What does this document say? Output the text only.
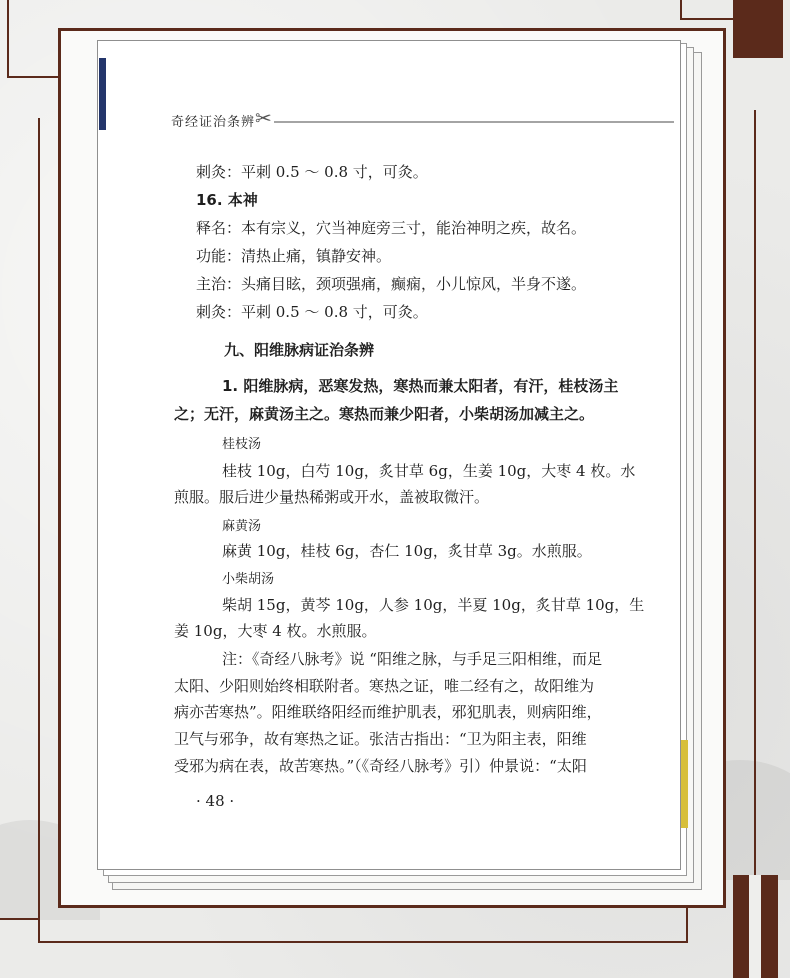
奇经证治条辨 ✂
刺灸：平刺 0.5 ～ 0.8 寸，可灸。
16. 本神
释名：本有宗义，穴当神庭旁三寸，能治神明之疾，故名。
功能：清热止痛，镇静安神。
主治：头痛目眩，颈项强痛，癫痫，小儿惊风，半身不遂。
刺灸：平刺 0.5 ～ 0.8 寸，可灸。
九、阳维脉病证治条辨
1. 阳维脉病，恶寒发热，寒热而兼太阳者，有汗，桂枝汤主
之；无汗，麻黄汤主之。寒热而兼少阳者，小柴胡汤加减主之。
桂枝汤
桂枝 10g，白芍 10g，炙甘草 6g，生姜 10g，大枣 4 枚。水
煎服。服后进少量热稀粥或开水，盖被取微汗。
麻黄汤
麻黄 10g，桂枝 6g，杏仁 10g，炙甘草 3g。水煎服。
小柴胡汤
柴胡 15g，黄芩 10g，人参 10g，半夏 10g，炙甘草 10g，生
姜 10g，大枣 4 枚。水煎服。
注：《奇经八脉考》说 “阳维之脉，与手足三阳相维，而足
太阳、少阳则始终相联附者。寒热之证，唯二经有之，故阳维为
病亦苦寒热”。阳维联络阳经而维护肌表，邪犯肌表，则病阳维，
卫气与邪争，故有寒热之证。张洁古指出：“卫为阳主表，阳维
受邪为病在表，故苦寒热。”（《奇经八脉考》引）仲景说：“太阳
· 48 ·
